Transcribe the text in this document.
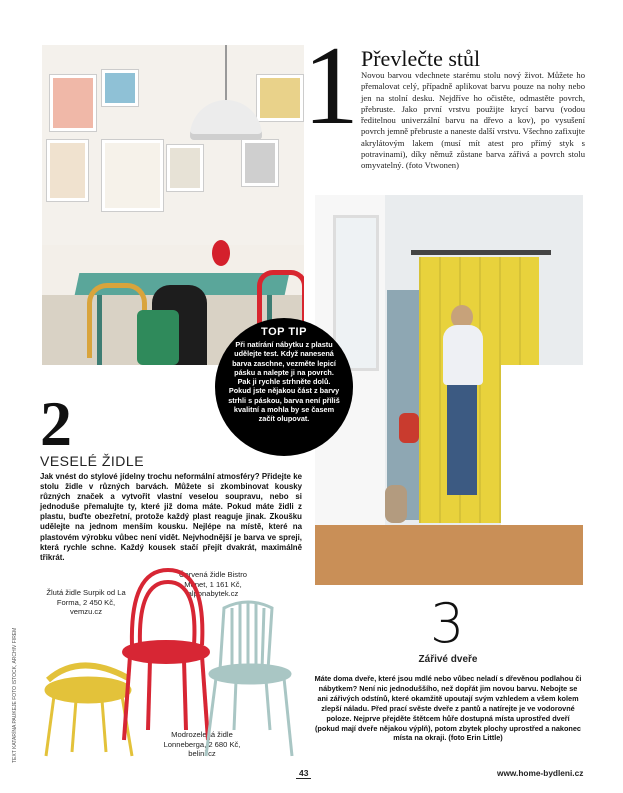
1 Převlečte stůl
Novou barvou vdechnete starému stolu nový život. Můžete ho přemalovat celý, případně aplikovat barvu pouze na nohy nebo jen na stolní desku. Nejdříve ho očistěte, odmastěte povrch, přebruste. Jako první vrstvu použijte krycí barvu (vodou ředitelnou univerzální barvu na dřevo a kov), po vysušení povrch jemně přebruste a naneste další vrstvu. Všechno zafixujte akrylátovým lakem (musí mít atest pro přímý styk s potravinami), díky němuž zůstane barva zářivá a povrch stolu omyvatelný. (foto Vtwonen)
TOP TIP
Při natírání nábytku z plastu udělejte test. Když nanesená barva zaschne, vezměte lepicí pásku a nalepte ji na povrch. Pak ji rychle strhněte dolů. Pokud jste nějakou část z barvy strhli s páskou, barva není příliš kvalitní a mohla by se časem začít olupovat.
2
VESELÉ ŽIDLE
Jak vnést do stylové jídelny trochu neformální atmosféry? Přidejte ke stolu židle v různých barvách. Můžete si zkombinovat kousky různých značek a vytvořit vlastní veselou soupravu, nebo si jednoduše přemalujte ty, které již doma máte. Pokud máte židli z plastu, buďte obezřetní, protože každý plast reaguje jinak. Zkoušku udělejte na jednom menším kousku. Nejlépe na místě, které na plastovém výrobku vůbec není vidět. Nejvhodnější je barva ve spreji, která rychle schne. Každý kousek stačí přejít dvakrát, maximálně třikrát.
Žlutá židle Surpik od La Forma, 2 450 Kč, vemzu.cz
Červená židle Bistro Monet, 1 161 Kč, alponabytek.cz
Modrozelená židle Lonneberga, 2 680 Kč, belini.cz
3
Zářivé dveře
Máte doma dveře, které jsou mdlé nebo vůbec neladí s dřevěnou podlahou či nábytkem? Není nic jednoduššího, než dopřát jim novou barvu. Nebojte se ani zářivých odstínů, které okamžitě upoutají svým vzhledem a všem kolem zlepší náladu. Před prací svěste dveře z pantů a natírejte je ve vodorovné poloze. Nejprve přejděte štětcem hůře dostupná místa uprostřed dveří (pokud mají dveře nějakou výplň), potom zbytek plochy uprostřed a nakonec místa na okraji. (foto Erin Little)
TEXT KATARÍNA PAUKEJE FOTO ISTOCK, ARCHIV FIREM
43	www.home-bydleni.cz
